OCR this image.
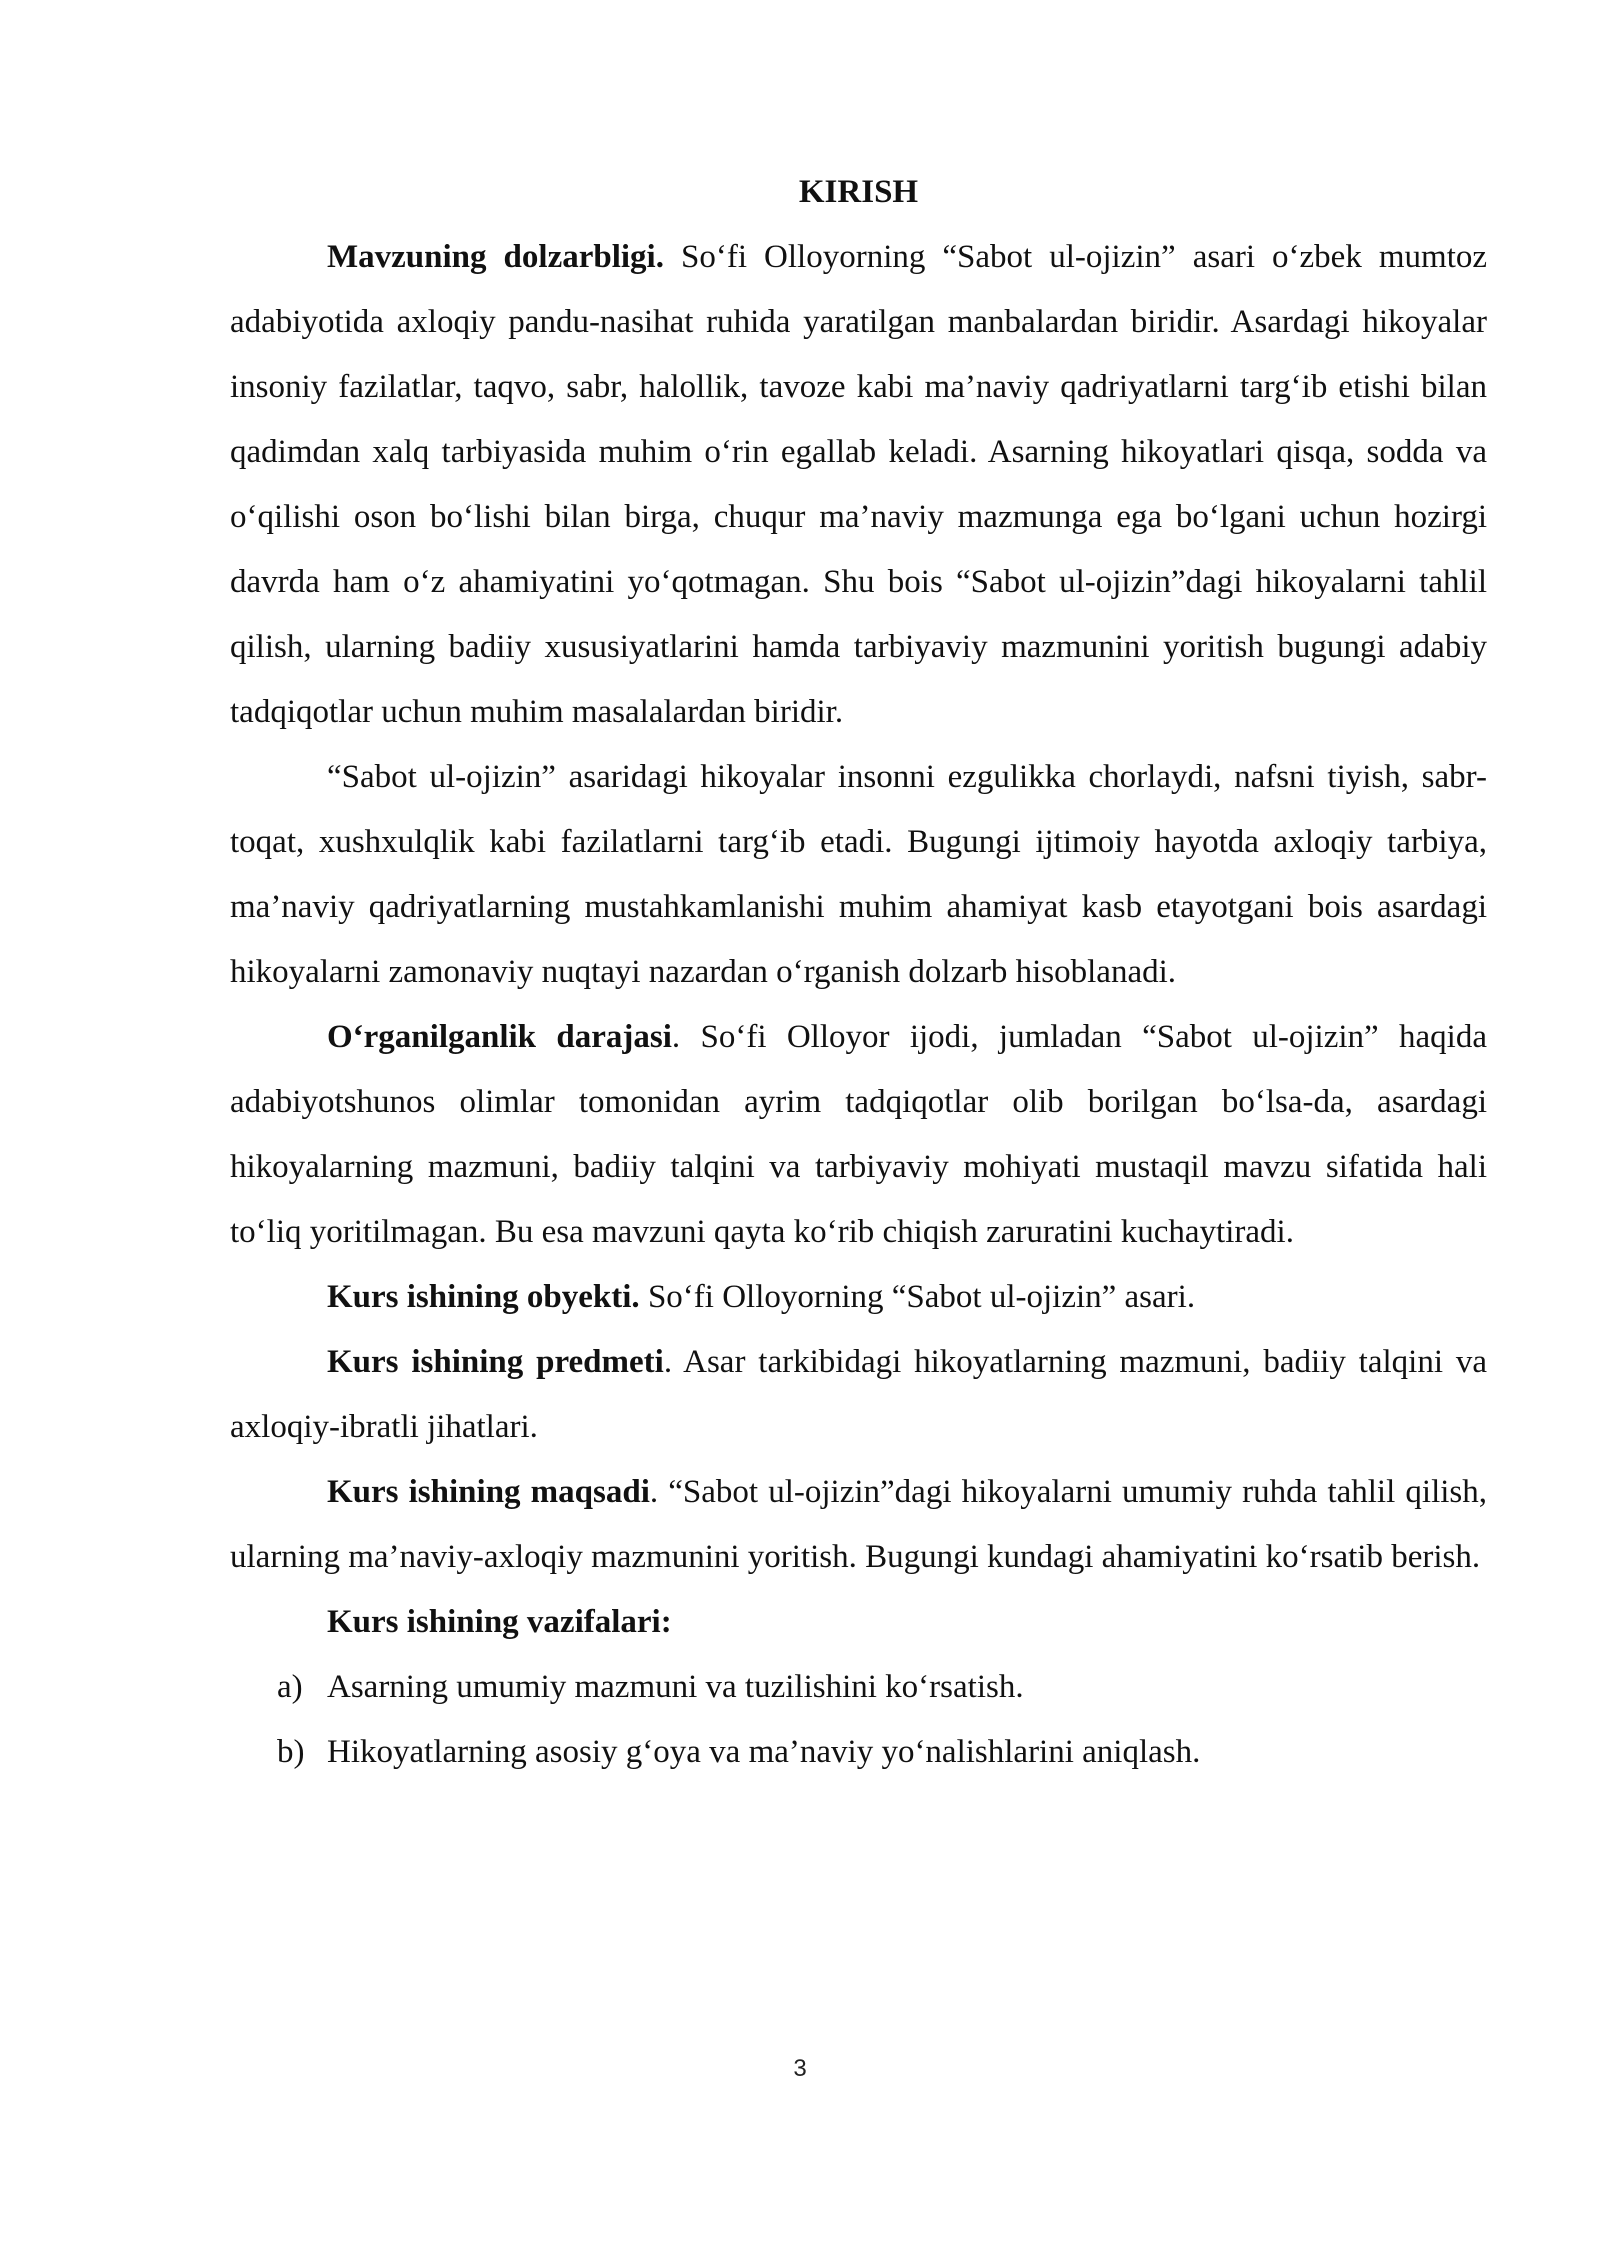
KIRISH

Mavzuning dolzarbligi. So‘fi Olloyorning “Sabot ul-ojizin” asari o‘zbek mumtoz adabiyotida axloqiy pandu-nasihat ruhida yaratilgan manbalardan biridir. Asardagi hikoyalar insoniy fazilatlar, taqvo, sabr, halollik, tavoze kabi ma’naviy qadriyatlarni targ‘ib etishi bilan qadimdan xalq tarbiyasida muhim o‘rin egallab keladi. Asarning hikoyatlari qisqa, sodda va o‘qilishi oson bo‘lishi bilan birga, chuqur ma’naviy mazmunga ega bo‘lgani uchun hozirgi davrda ham o‘z ahamiyatini yo‘qotmagan. Shu bois “Sabot ul-ojizin”dagi hikoyalarni tahlil qilish, ularning badiiy xususiyatlarini hamda tarbiyaviy mazmunini yoritish bugungi adabiy tadqiqotlar uchun muhim masalalardan biridir.

“Sabot ul-ojizin” asaridagi hikoyalar insonni ezgulikka chorlaydi, nafsni tiyish, sabr-toqat, xushxulqlik kabi fazilatlarni targ‘ib etadi. Bugungi ijtimoiy hayotda axloqiy tarbiya, ma’naviy qadriyatlarning mustahkamlanishi muhim ahamiyat kasb etayotgani bois asardagi hikoyalarni zamonaviy nuqtayi nazardan o‘rganish dolzarb hisoblanadi.

O‘rganilganlik darajasi. So‘fi Olloyor ijodi, jumladan “Sabot ul-ojizin” haqida adabiyotshunos olimlar tomonidan ayrim tadqiqotlar olib borilgan bo‘lsa-da, asardagi hikoyalarning mazmuni, badiiy talqini va tarbiyaviy mohiyati mustaqil mavzu sifatida hali to‘liq yoritilmagan. Bu esa mavzuni qayta ko‘rib chiqish zaruratini kuchaytiradi.

Kurs ishining obyekti. So‘fi Olloyorning “Sabot ul-ojizin” asari.

Kurs ishining predmeti. Asar tarkibidagi hikoyatlarning mazmuni, badiiy talqini va axloqiy-ibratli jihatlari.

Kurs ishining maqsadi. “Sabot ul-ojizin”dagi hikoyalarni umumiy ruhda tahlil qilish, ularning ma’naviy-axloqiy mazmunini yoritish. Bugungi kundagi ahamiyatini ko‘rsatib berish.

Kurs ishining vazifalari:

a) Asarning umumiy mazmuni va tuzilishini ko‘rsatish.
b) Hikoyatlarning asosiy g‘oya va ma’naviy yo‘nalishlarini aniqlash.
3
